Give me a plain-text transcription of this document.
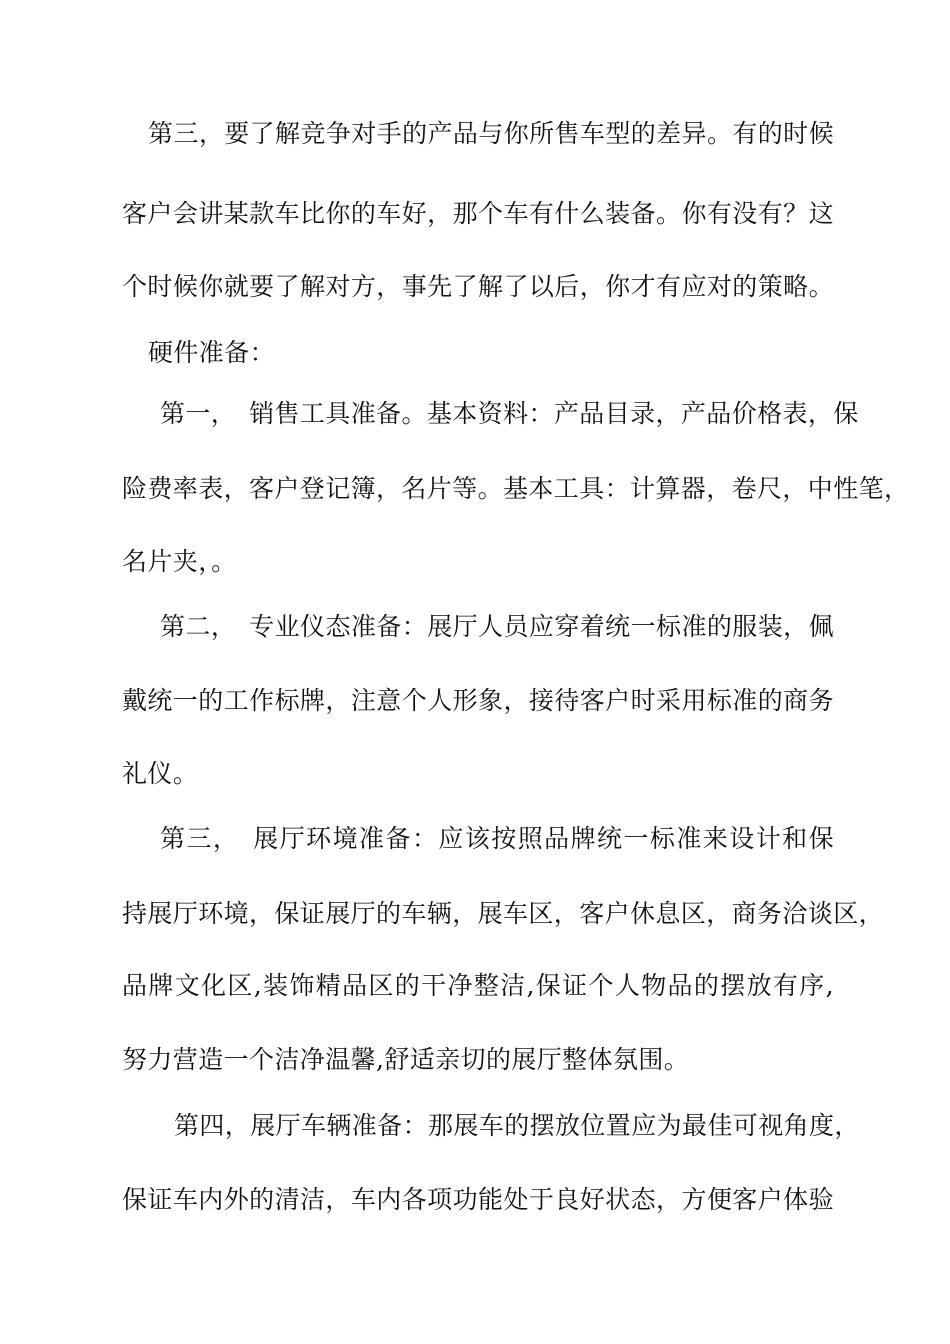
第三，要了解竞争对手的产品与你所售车型的差异。有的时候
客户会讲某款车比你的车好，那个车有什么装备。你有没有？这
个时候你就要了解对方，事先了解了以后，你才有应对的策略。
硬件准备：
第一，　销售工具准备。基本资料：产品目录，产品价格表，保
险费率表，客户登记簿，名片等。基本工具：计算器，卷尺，中性笔，
名片夹，。
第二，　专业仪态准备：展厅人员应穿着统一标准的服装，佩
戴统一的工作标牌，注意个人形象，接待客户时采用标准的商务
礼仪。
第三，　展厅环境准备：应该按照品牌统一标准来设计和保
持展厅环境，保证展厅的车辆，展车区，客户休息区，商务洽谈区，
品牌文化区,装饰精品区的干净整洁,保证个人物品的摆放有序,
努力营造一个洁净温馨,舒适亲切的展厅整体氛围。
第四，展厅车辆准备：那展车的摆放位置应为最佳可视角度，
保证车内外的清洁，车内各项功能处于良好状态，方便客户体验
